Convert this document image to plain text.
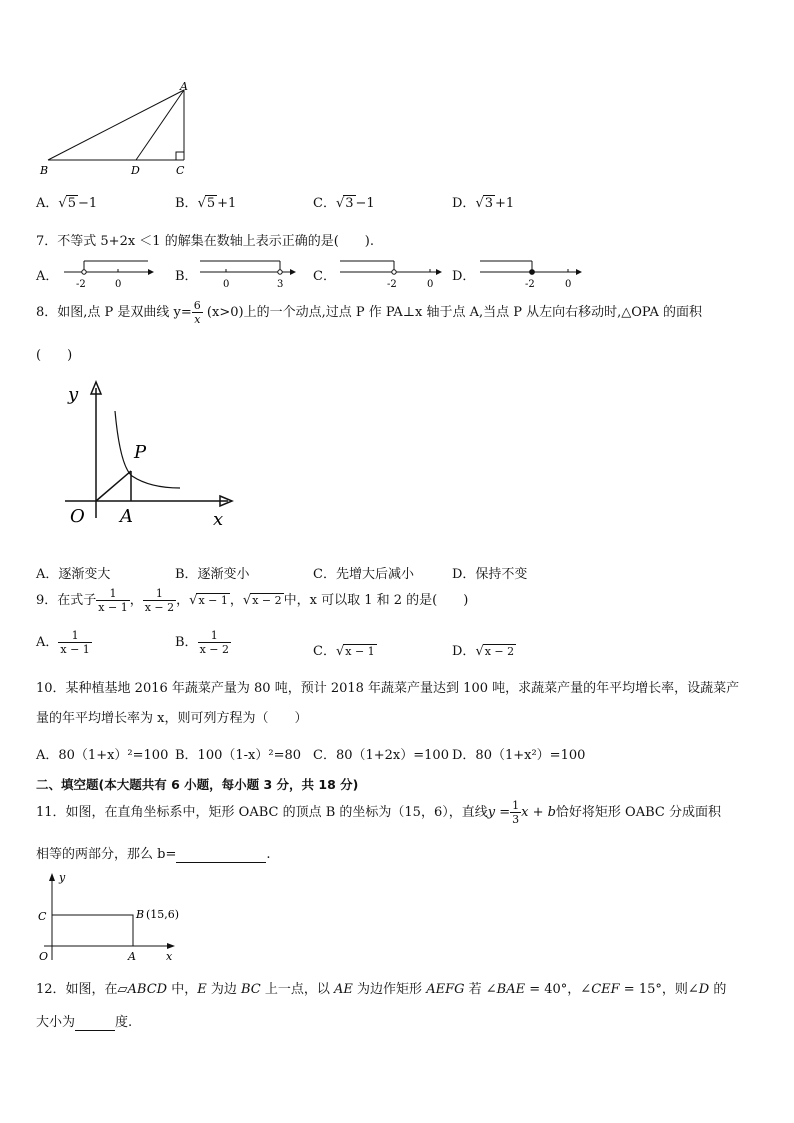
A
B	D	C
A．√5 −1	B．√5 +1	C．√3 −1	D．√3 +1
7．不等式 5+2x ＜1 的解集在数轴上表示正确的是(　　).
A．
-2	0
B．
0	3
C．
-2	0
D．
-2	0
8．如图,点 P 是双曲线 $y= \frac{6}{x} (x>0)$上的一个动点,过点 P 作 PA⊥x 轴于点 A,当点 P 从左向右移动时,△OPA 的面积
(　　)
y
x
O A
P
A．逐渐变大	B．逐渐变小	C．先增大后减小	D．保持不变
9．在式子 $\frac{1}{x - 1}$ ， $\frac{1}{x - 2}$ ，√x − 1 ，√x − 2 中，x 可以取 1 和 2 的是(　　)
A． $\frac{1}{x - 1}$	B． $\frac{1}{x - 2}$	C．√x − 1	D．√x − 2
10．某种植基地 2016 年蔬菜产量为 80 吨，预计 2018 年蔬菜产量达到 100 吨，求蔬菜产量的年平均增长率，设蔬菜产
量的年平均增长率为 x，则可列方程为（　　）
A．80（1+x）²=100 B．100（1-x）²=80 C．80（1+2x）=100 D．80（1+x²）=100
二、填空题(本大题共有 6 小题，每小题 3 分，共 18 分)
11．如图，在直角坐标系中，矩形 OABC 的顶点 B 的坐标为（15，6），直线$y = \frac{1}{3}$ x + b恰好将矩形 OABC 分成面积
相等的两部分，那么 b=	.
y
x
O
C
A
B (15,6)
12．如图，在▱ABCD 中，E 为边 BC 上一点，以 AE 为边作矩形 AEFG 若 ∠BAE = 40°，∠CEF = 15°，则∠D 的
大小为	度.
